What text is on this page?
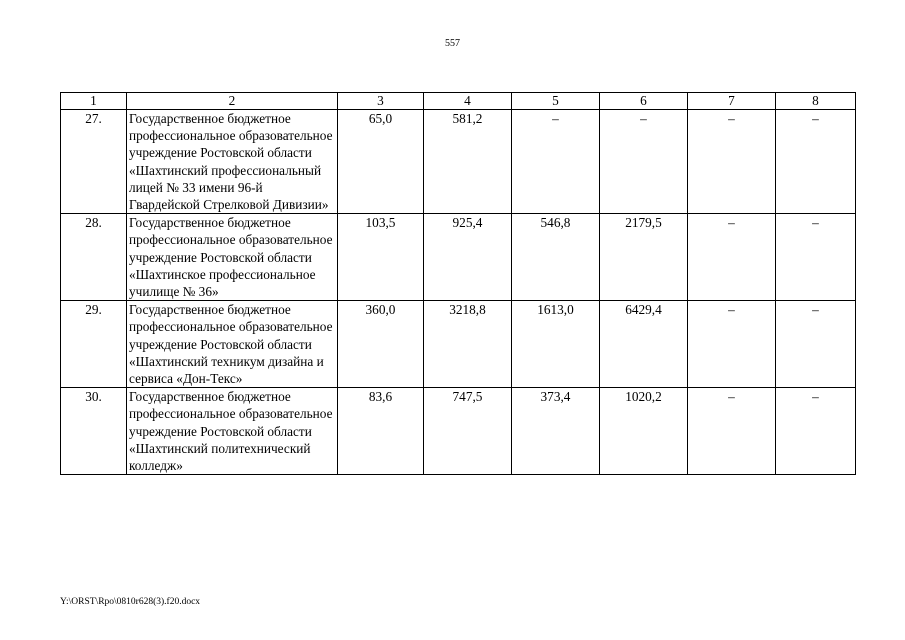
557
1	2	3	4	5	6	7	8
27.	Государственное бюджетное профессиональное образовательное учреждение Ростовской области «Шахтинский профессиональный лицей № 33 имени 96-й Гвардейской Стрелковой Дивизии»	65,0	581,2	–	–	–	–
28.	Государственное бюджетное профессиональное образовательное учреждение Ростовской области «Шахтинское профессиональное училище № 36»	103,5	925,4	546,8	2179,5	–	–
29.	Государственное бюджетное профессиональное образовательное учреждение Ростовской области «Шахтинский техникум дизайна и сервиса «Дон-Текс»	360,0	3218,8	1613,0	6429,4	–	–
30.	Государственное бюджетное профессиональное образовательное учреждение Ростовской области «Шахтинский политехнический колледж»	83,6	747,5	373,4	1020,2	–	–
Y:\ORST\Rpo\0810r628(3).f20.docx
